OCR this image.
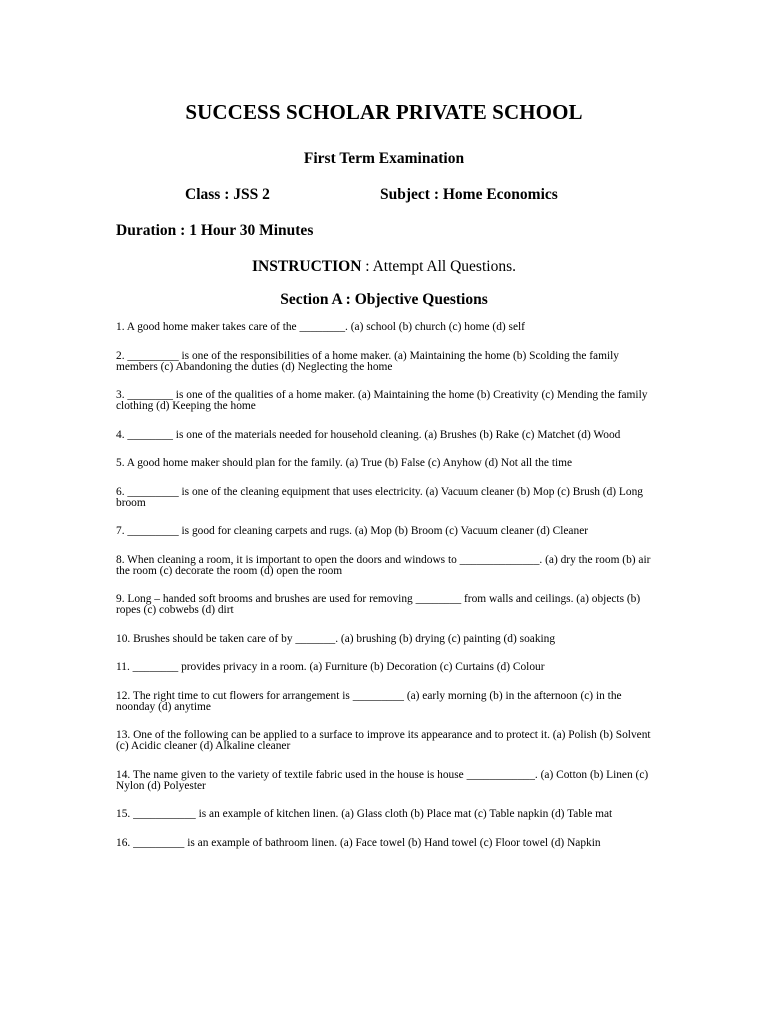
SUCCESS SCHOLAR PRIVATE SCHOOL
First Term Examination
Class : JSS 2	Subject : Home Economics
Duration : 1 Hour 30 Minutes
INSTRUCTION : Attempt All Questions.
Section A : Objective Questions
1. A good home maker takes care of the ________. (a) school (b) church (c) home (d) self
2. _________ is one of the responsibilities of a home maker. (a) Maintaining the home (b) Scolding the family members (c) Abandoning the duties (d) Neglecting the home
3. ________ is one of the qualities of a home maker. (a) Maintaining the home (b) Creativity (c) Mending the family clothing (d) Keeping the home
4. ________ is one of the materials needed for household cleaning. (a) Brushes (b) Rake (c) Matchet (d) Wood
5. A good home maker should plan for the family. (a) True (b) False (c) Anyhow (d) Not all the time
6. _________ is one of the cleaning equipment that uses electricity. (a) Vacuum cleaner (b) Mop (c) Brush (d) Long broom
7. _________ is good for cleaning carpets and rugs. (a) Mop (b) Broom (c) Vacuum cleaner (d) Cleaner
8. When cleaning a room, it is important to open the doors and windows to ______________. (a) dry the room (b) air the room (c) decorate the room (d) open the room
9. Long – handed soft brooms and brushes are used for removing ________ from walls and ceilings. (a) objects (b) ropes (c) cobwebs (d) dirt
10. Brushes should be taken care of by _______. (a) brushing (b) drying (c) painting (d) soaking
11. ________ provides privacy in a room. (a) Furniture (b) Decoration (c) Curtains (d) Colour
12. The right time to cut flowers for arrangement is _________ (a) early morning (b) in the afternoon (c) in the noonday (d) anytime
13. One of the following can be applied to a surface to improve its appearance and to protect it. (a) Polish (b) Solvent (c) Acidic cleaner (d) Alkaline cleaner
14. The name given to the variety of textile fabric used in the house is house ____________. (a) Cotton (b) Linen (c) Nylon (d) Polyester
15. ___________ is an example of kitchen linen. (a) Glass cloth (b) Place mat (c) Table napkin (d) Table mat
16. _________ is an example of bathroom linen. (a) Face towel (b) Hand towel (c) Floor towel (d) Napkin
